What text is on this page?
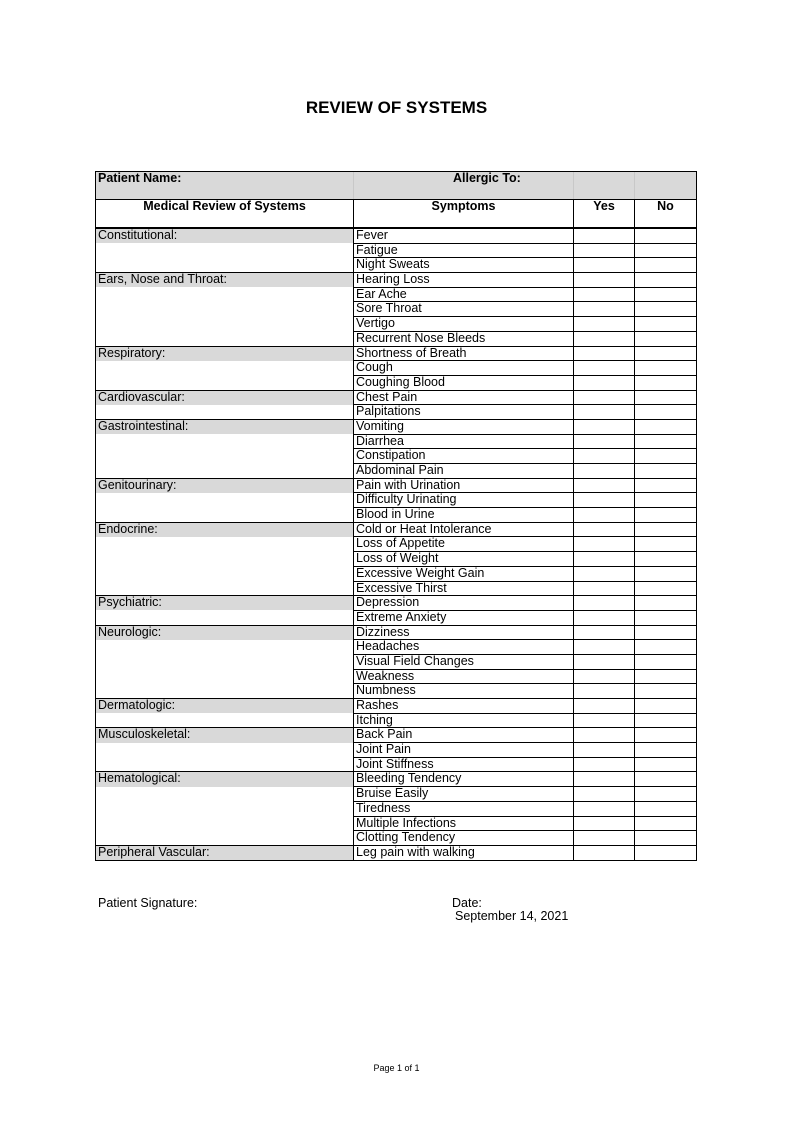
REVIEW OF SYSTEMS
Patient Name:	Allergic To:		
Medical Review of Systems	Symptoms	Yes	No

Constitutional:	Fever		
	Fatigue		
	Night Sweats		
Ears, Nose and Throat:	Hearing Loss		
	Ear Ache		
	Sore Throat		
	Vertigo		
	Recurrent Nose Bleeds		
Respiratory:	Shortness of Breath		
	Cough		
	Coughing Blood		
Cardiovascular:	Chest Pain		
	Palpitations		
Gastrointestinal:	Vomiting		
	Diarrhea		
	Constipation		
	Abdominal Pain		
Genitourinary:	Pain with Urination		
	Difficulty Urinating		
	Blood in Urine		
Endocrine:	Cold or Heat Intolerance		
	Loss of Appetite		
	Loss of Weight		
	Excessive Weight Gain		
	Excessive Thirst		
Psychiatric:	Depression		
	Extreme Anxiety		
Neurologic:	Dizziness		
	Headaches		
	Visual Field Changes		
	Weakness		
	Numbness		
Dermatologic:	Rashes		
	Itching		
Musculoskeletal:	Back Pain		
	Joint Pain		
	Joint Stiffness		
Hematological:	Bleeding Tendency		
	Bruise Easily		
	Tiredness		
	Multiple Infections		
	Clotting Tendency		
Peripheral Vascular:	Leg pain with walking		
Patient Signature:	Date:
September 14, 2021
Page 1 of 1
